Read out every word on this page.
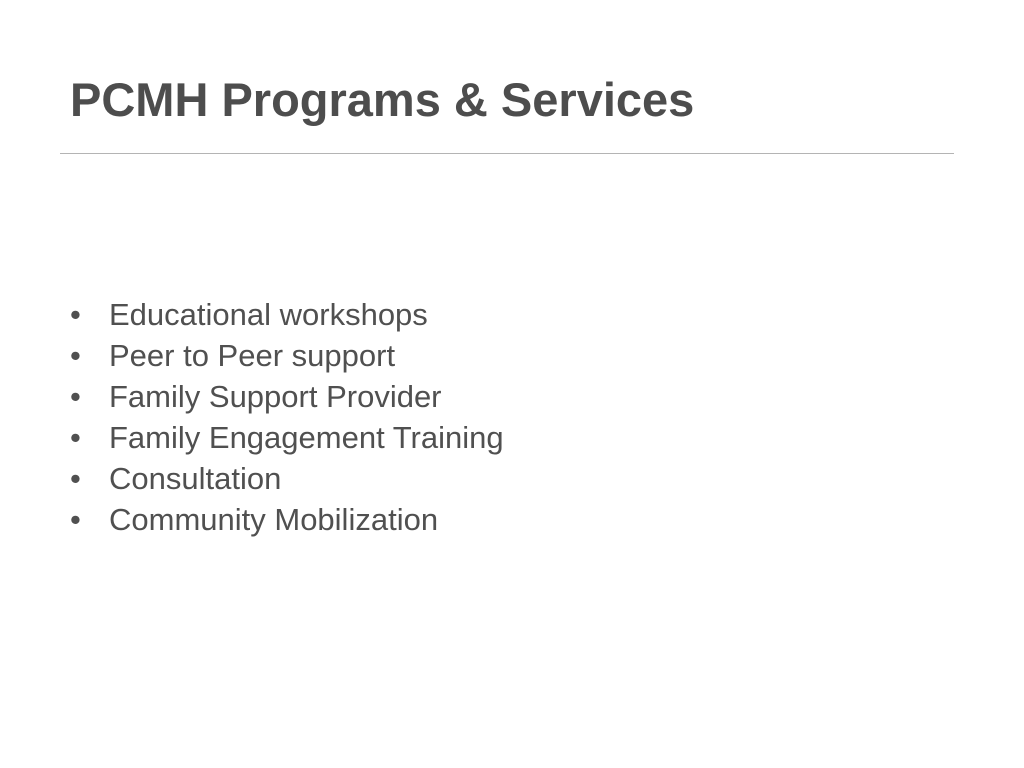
PCMH Programs & Services
• Educational workshops
• Peer to Peer support
• Family Support Provider
• Family Engagement Training
• Consultation
• Community Mobilization
